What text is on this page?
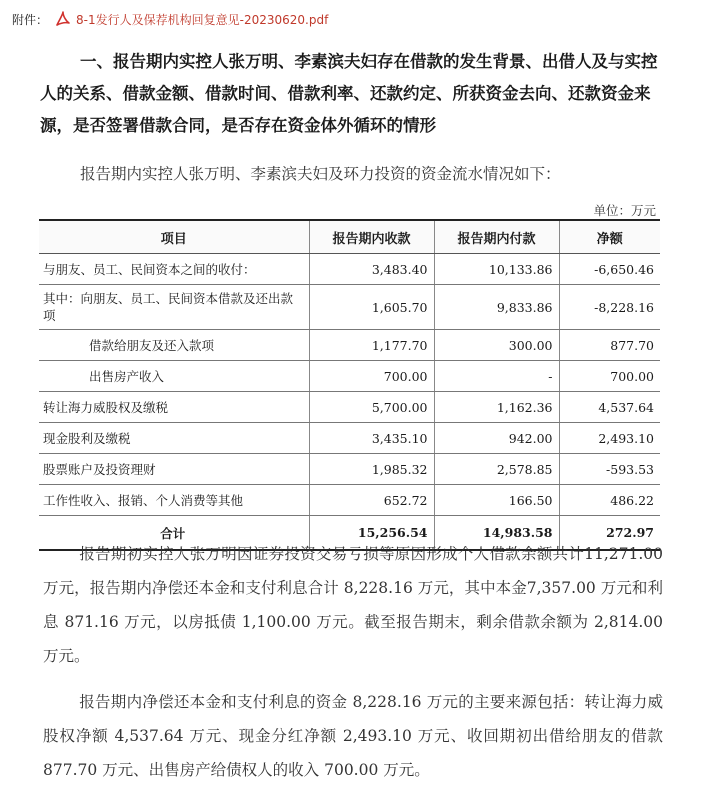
附件： 8-1发行人及保荐机构回复意见-20230620.pdf

一、报告期内实控人张万明、李素滨夫妇存在借款的发生背景、出借人及与实控人的关系、借款金额、借款时间、借款利率、还款约定、所获资金去向、还款资金来源，是否签署借款合同，是否存在资金体外循环的情形

报告期内实控人张万明、李素滨夫妇及环力投资的资金流水情况如下：
单位：万元
项目	报告期内收款	报告期内付款	净额
与朋友、员工、民间资本之间的收付：	3,483.40	10,133.86	-6,650.46
其中：向朋友、员工、民间资本借款及还出款项	1,605.70	9,833.86	-8,228.16
借款给朋友及还入款项	1,177.70	300.00	877.70
出售房产收入	700.00	-	700.00
转让海力威股权及缴税	5,700.00	1,162.36	4,537.64
现金股利及缴税	3,435.10	942.00	2,493.10
股票账户及投资理财	1,985.32	2,578.85	-593.53
工作性收入、报销、个人消费等其他	652.72	166.50	486.22
合计	15,256.54	14,983.58	272.97

报告期初实控人张万明因证券投资交易亏损等原因形成个人借款余额共计11,271.00 万元，报告期内净偿还本金和支付利息合计 8,228.16 万元，其中本金7,357.00 万元和利息 871.16 万元，以房抵债 1,100.00 万元。截至报告期末，剩余借款余额为 2,814.00 万元。

报告期内净偿还本金和支付利息的资金 8,228.16 万元的主要来源包括：转让海力威股权净额 4,537.64 万元、现金分红净额 2,493.10 万元、收回期初出借给朋友的借款 877.70 万元、出售房产给债权人的收入 700.00 万元。
